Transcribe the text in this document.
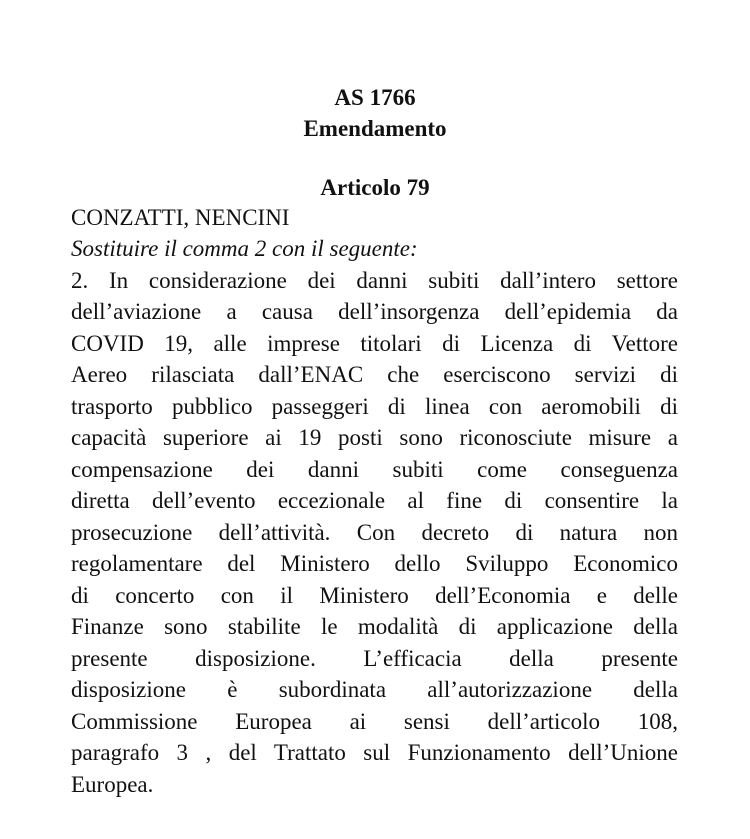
AS 1766
Emendamento
Articolo 79
CONZATTI, NENCINI
Sostituire il comma 2 con il seguente:
2. In considerazione dei danni subiti dall’intero settore
dell’aviazione a causa dell’insorgenza dell’epidemia da
COVID 19, alle imprese titolari di Licenza di Vettore
Aereo rilasciata dall’ENAC che eserciscono servizi di
trasporto pubblico passeggeri di linea con aeromobili di
capacità superiore ai 19 posti sono riconosciute misure a
compensazione dei danni subiti come conseguenza
diretta dell’evento eccezionale al fine di consentire la
prosecuzione dell’attività. Con decreto di natura non
regolamentare del Ministero dello Sviluppo Economico
di concerto con il Ministero dell’Economia e delle
Finanze sono stabilite le modalità di applicazione della
presente disposizione. L’efficacia della presente
disposizione è subordinata all’autorizzazione della
Commissione Europea ai sensi dell’articolo 108,
paragrafo 3 , del Trattato sul Funzionamento dell’Unione
Europea.
